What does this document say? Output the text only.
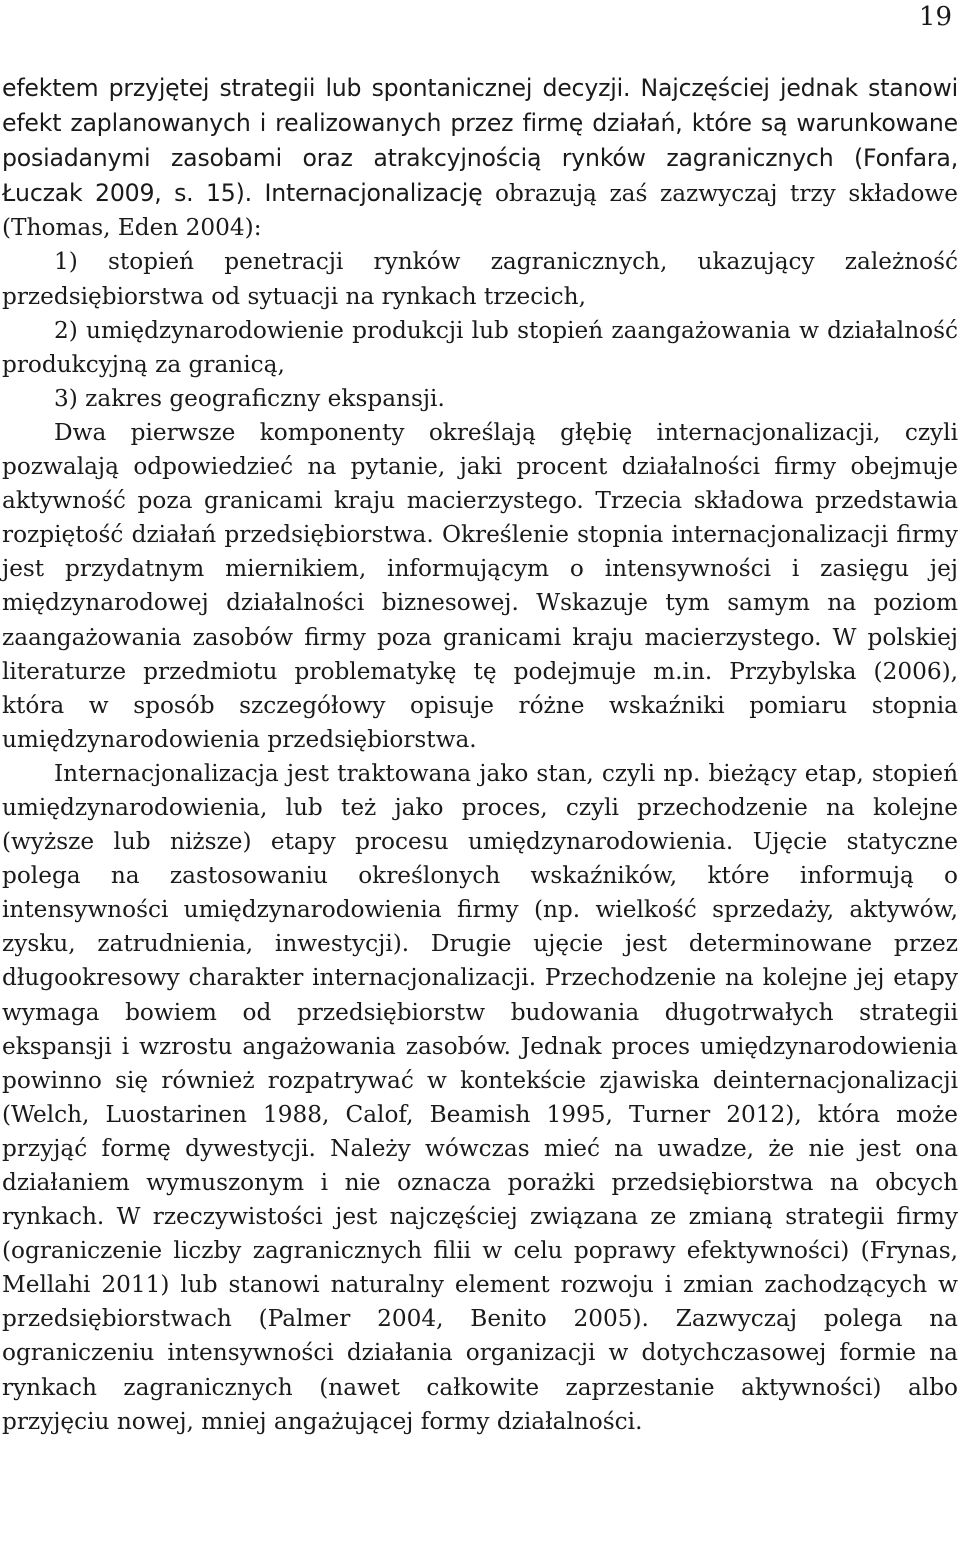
19

efektem przyjętej strategii lub spontanicznej decyzji. Najczęściej jednak stanowi efekt zaplanowanych i realizowanych przez firmę działań, które są warunkowane posiadanymi zasobami oraz atrakcyjnością rynków zagranicznych (Fonfara, Łuczak 2009, s. 15). Internacjonalizację obrazują zaś zazwyczaj trzy składowe (Thomas, Eden 2004):

1) stopień penetracji rynków zagranicznych, ukazujący zależność przedsiębiorstwa od sytuacji na rynkach trzecich,

2) umiędzynarodowienie produkcji lub stopień zaangażowania w działalność produkcyjną za granicą,

3) zakres geograficzny ekspansji.

Dwa pierwsze komponenty określają głębię internacjonalizacji, czyli pozwalają odpowiedzieć na pytanie, jaki procent działalności firmy obejmuje aktywność poza granicami kraju macierzystego. Trzecia składowa przedstawia rozpiętość działań przedsiębiorstwa. Określenie stopnia internacjonalizacji firmy jest przydatnym miernikiem, informującym o intensywności i zasięgu jej międzynarodowej działalności biznesowej. Wskazuje tym samym na poziom zaangażowania zasobów firmy poza granicami kraju macierzystego. W polskiej literaturze przedmiotu problematykę tę podejmuje m.in. Przybylska (2006), która w sposób szczegółowy opisuje różne wskaźniki pomiaru stopnia umiędzynarodowienia przedsiębiorstwa.

Internacjonalizacja jest traktowana jako stan, czyli np. bieżący etap, stopień umiędzynarodowienia, lub też jako proces, czyli przechodzenie na kolejne (wyższe lub niższe) etapy procesu umiędzynarodowienia. Ujęcie statyczne polega na zastosowaniu określonych wskaźników, które informują o intensywności umiędzynarodowienia firmy (np. wielkość sprzedaży, aktywów, zysku, zatrudnienia, inwestycji). Drugie ujęcie jest determinowane przez długookresowy charakter internacjonalizacji. Przechodzenie na kolejne jej etapy wymaga bowiem od przedsiębiorstw budowania długotrwałych strategii ekspansji i wzrostu angażowania zasobów. Jednak proces umiędzynarodowienia powinno się również rozpatrywać w kontekście zjawiska deinternacjonalizacji (Welch, Luostarinen 1988, Calof, Beamish 1995, Turner 2012), która może przyjąć formę dywestycji. Należy wówczas mieć na uwadze, że nie jest ona działaniem wymuszonym i nie oznacza porażki przedsiębiorstwa na obcych rynkach. W rzeczywistości jest najczęściej związana ze zmianą strategii firmy (ograniczenie liczby zagranicznych filii w celu poprawy efektywności) (Frynas, Mellahi 2011) lub stanowi naturalny element rozwoju i zmian zachodzących w przedsiębiorstwach (Palmer 2004, Benito 2005). Zazwyczaj polega na ograniczeniu intensywności działania organizacji w dotychczasowej formie na rynkach zagranicznych (nawet całkowite zaprzestanie aktywności) albo przyjęciu nowej, mniej angażującej formy działalności.
